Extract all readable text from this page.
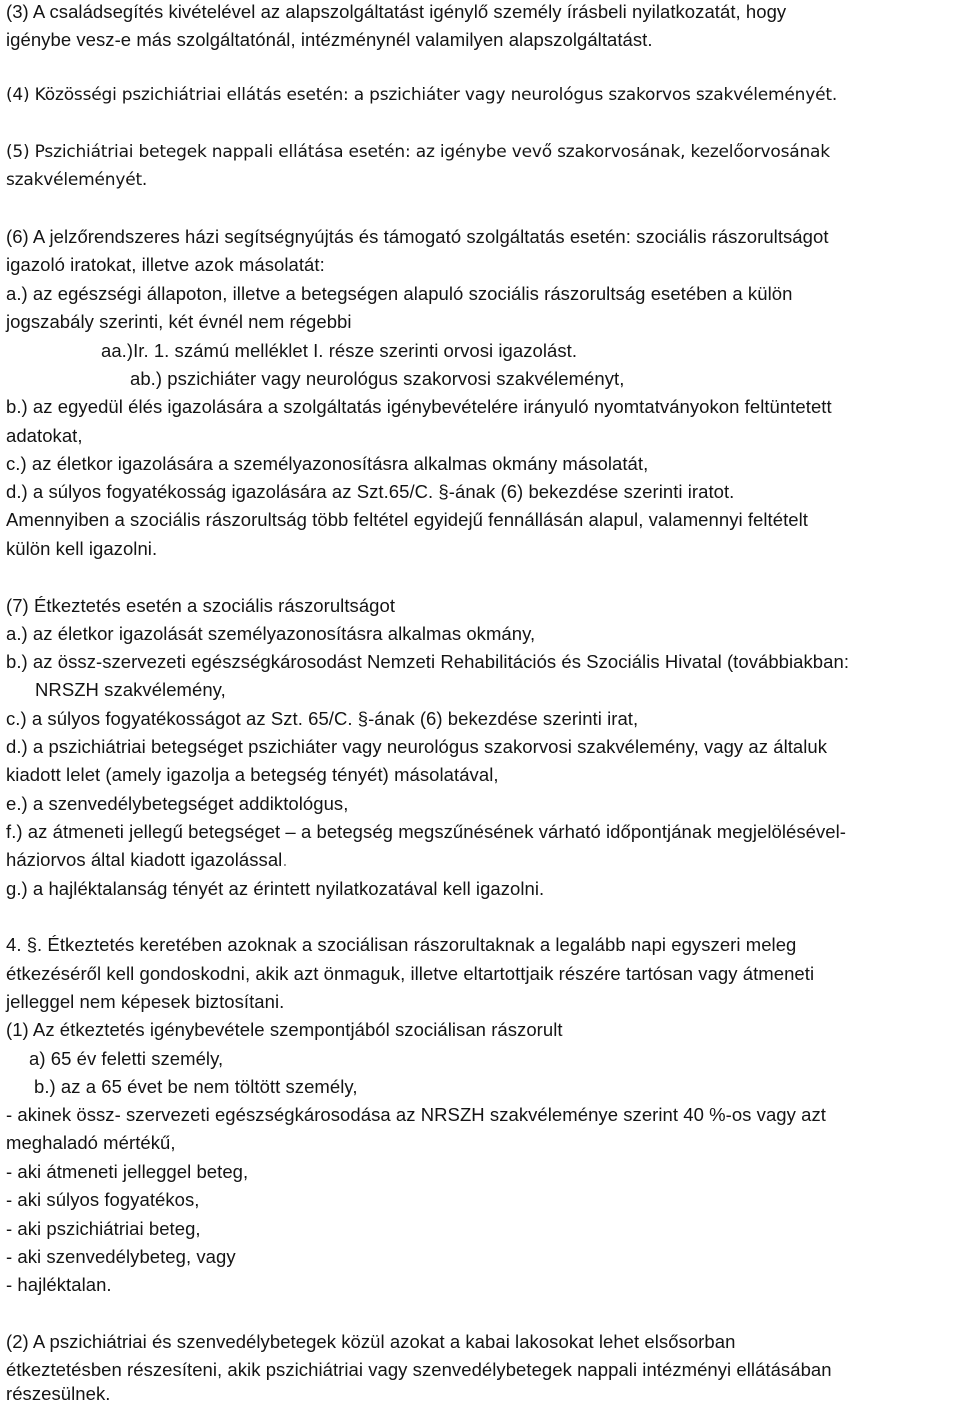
(3) A családsegítés kivételével az alapszolgáltatást igénylő személy írásbeli nyilatkozatát, hogy
igénybe vesz-e más szolgáltatónál, intézménynél valamilyen alapszolgáltatást.
(4) Közösségi pszichiátriai ellátás esetén: a pszichiáter vagy neurológus szakorvos szakvéleményét.
(5) Pszichiátriai betegek nappali ellátása esetén: az igénybe vevő szakorvosának, kezelőorvosának
szakvéleményét.
(6) A jelzőrendszeres házi segítségnyújtás és támogató szolgáltatás esetén: szociális rászorultságot
igazoló iratokat, illetve azok másolatát:
a.) az egészségi állapoton, illetve a betegségen alapuló szociális rászorultság esetében a külön
jogszabály szerinti, két évnél nem régebbi
aa.)Ir. 1. számú melléklet I. része szerinti orvosi igazolást.
ab.) pszichiáter vagy neurológus szakorvosi szakvéleményt,
b.) az egyedül élés igazolására a szolgáltatás igénybevételére irányuló nyomtatványokon feltüntetett
adatokat,
c.) az életkor igazolására a személyazonosításra alkalmas okmány másolatát,
d.) a súlyos fogyatékosság igazolására az Szt.65/C. §-ának (6) bekezdése szerinti iratot.
Amennyiben a szociális rászorultság több feltétel egyidejű fennállásán alapul, valamennyi feltételt
külön kell igazolni.
(7) Étkeztetés esetén a szociális rászorultságot
a.) az életkor igazolását személyazonosításra alkalmas okmány,
b.) az össz-szervezeti egészségkárosodást Nemzeti Rehabilitációs és Szociális Hivatal (továbbiakban:
NRSZH szakvélemény,
c.) a súlyos fogyatékosságot az Szt. 65/C. §-ának (6) bekezdése szerinti irat,
d.) a pszichiátriai betegséget pszichiáter vagy neurológus szakorvosi szakvélemény, vagy az általuk
kiadott lelet (amely igazolja a betegség tényét) másolatával,
e.) a szenvedélybetegséget addiktológus,
f.) az átmeneti jellegű betegséget – a betegség megszűnésének várható időpontjának megjelölésével-
háziorvos által kiadott igazolással.
g.) a hajléktalanság tényét az érintett nyilatkozatával kell igazolni.
4. §. Étkeztetés keretében azoknak a szociálisan rászorultaknak a legalább napi egyszeri meleg
étkezéséről kell gondoskodni, akik azt önmaguk, illetve eltartottjaik részére tartósan vagy átmeneti
jelleggel nem képesek biztosítani.
(1) Az étkeztetés igénybevétele szempontjából szociálisan rászorult
a) 65 év feletti személy,
b.) az a 65 évet be nem töltött személy,
- akinek össz- szervezeti egészségkárosodása az NRSZH szakvéleménye szerint 40 %-os vagy azt
meghaladó mértékű,
- aki átmeneti jelleggel beteg,
- aki súlyos fogyatékos,
- aki pszichiátriai beteg,
- aki szenvedélybeteg, vagy
- hajléktalan.
(2) A pszichiátriai és szenvedélybetegek közül azokat a kabai lakosokat lehet elsősorban
étkeztetésben részesíteni, akik pszichiátriai vagy szenvedélybetegek nappali intézményi ellátásában
részesülnek.
